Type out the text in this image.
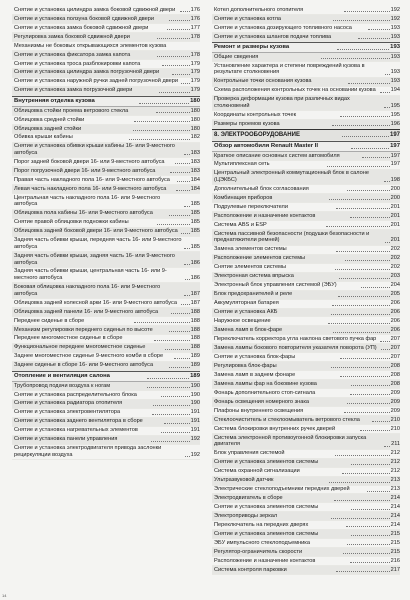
Снятие и установка цилиндра замка боковой сдвижной двери	176
Снятие и установка ползуна боковой сдвижной двери	176
Снятие и установка замка боковой сдвижной двери	177
Регулировка замка боковой сдвижной двери	178
Механизмы не боковых открывающихся элементов кузова
Снятие и установка фиксатора замка капота	178
Снятие и установка троса разблокировки капота	179
Снятие и установка цилиндра замка погрузочной двери	179
Снятие и установка наружной ручки задней погрузочной двери	179
Снятие и установка замка погрузочной двери	179
Внутренняя отделка кузова	180
Облицовка стойки проема ветрового стекла	180
Облицовка средней стойки	180
Облицовка задней стойки	180
Обивка крыши кабины	182
Снятие и установка обивки крыши кабины 16- или 9-местного автобуса	183
Порог задней боковой двери 16- или 9-местного автобуса	183
Порог погрузочной двери 16- или 9-местного автобуса	183
Правая часть накладного пола 16- или 9-местного автобуса	184
Левая часть накладного пола 16- или 9-местного автобуса	184
Центральная часть накладного пола 16- или 9-местного автобуса	185
Облицовка пола кабины 16- или 9-местного автобуса	185
Снятие правой облицовки подножки кабины	185
Облицовка задней боковой двери 16- или 9-местного автобуса	185
Задняя часть обивки крыши, передняя часть 16- или 9-местного автобуса	185
Задняя часть обивки крыши, задняя часть 16- или 9-местного автобуса	186
Задняя часть обивки крыши, центральная часть 16- или 9-местного автобуса	186
Боковая облицовка накладного пола 16- или 9-местного автобуса	187
Облицовка задней колесной арки 16- или 9-местного автобуса	187
Облицовка задней панели 16- или 9-местного автобуса	188
Переднее сиденье в сборе	188
Механизм регулировки переднего сиденья по высоте	188
Переднее многоместное сиденье в сборе	188
Функциональное переднее многоместное сиденье	188
Заднее многоместное сиденье 9-местного комби в сборе	189
Заднее сиденье в сборе 16- или 9-местного автобуса	189
Отопление и вентиляция салона	189
Трубопровод подачи воздуха к ногам	190
Снятие и установка распределительного блока	190
Снятие и установка радиатора отопителя	190
Снятие и установка электровентилятора	191
Снятие и установка заднего вентилятора в сборе	191
Снятие и установка нагревательных элементов	191
Снятие и установка панели управления	192
Снятие и установка электродвигателя привода заслонки рециркуляции воздуха	192
Котел дополнительного отопителя	192
Снятие и установка котла	192
Снятие и установка дозирующего топливного насоса	193
Снятие и установка шлангов подачи топлива	193
Ремонт и размеры кузова	193
Общие сведения	193
Установление характера и степени повреждений кузова в результате столкновения	193
Контрольные точки основания кузова	193
Схема расположения контрольных точек на основании кузова	194
Проверка деформации кузова при различных видах столкновений	195
Координаты контрольных точек	195
Размеры проемов кузова	196
8. ЭЛЕКТРООБОРУДОВАНИЕ	197
Обзор автомобиля Renault Master II	197
Краткое описание основных систем автомобиля	197
Мультиплексная сеть	197
Центральный электронный коммутационный блок в салоне (ЦЭКБС)	198
Дополнительный блок согласования	200
Комбинация приборов	200
Подрулевые переключатели	201
Расположение и назначение контактов	201
Система ABS и ESP	201
Система пассивной безопасности (подушки безопасности и преднатяжители ремней)	201
Замена элементов системы	202
Расположение элементов системы	202
Снятие элементов системы	202
Электронная система впрыска	203
Электронный блок управления системой (ЭБУ)	204
Блок предохранителей и реле	205
Аккумуляторная батарея	206
Снятие и установка АКБ	206
Наружное освещение	206
Замена ламп в блок-фаре	206
Переключатель корректора угла наклона светового пучка фар	207
Замена лампы бокового повторителя указателя поворота (УП)	207
Снятие и установка блок-фары	207
Регулировка блок-фары	208
Замена ламп в заднем фонаре	208
Замена лампы фар на боковине кузова	208
Фонарь дополнительного стоп-сигнала	209
Фонарь освещения номерного знака	209
Плафоны внутреннего освещения	209
Стеклоочиститель и стеклоомыватель ветрового стекла	210
Система блокировки внутренних ручек дверей	210
Система электронной противоугонной блокировки запуска двигателя	211
Блок управления системой	212
Снятие и установка элементов системы	212
Система охранной сигнализации	212
Ультразвуковой датчик	213
Электрические стеклоподъемники передних дверей	213
Электродвигатель в сборе	214
Снятие и установка элементов системы	214
Электроприводы зеркал	214
Переключатель на передних дверях	214
Снятие и установка элементов системы	215
ЭБУ импульсного стеклоподъемника	215
Регулятор-ограничитель скорости	215
Расположение и назначение контактов	216
Система контроля парковки	217
14
